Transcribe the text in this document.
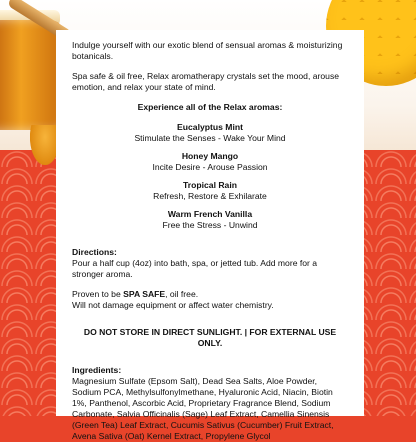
Indulge yourself with our exotic blend of sensual aromas & moisturizing botanicals.

Spa safe & oil free, Relax aromatherapy crystals set the mood, arouse emotion, and relax your state of mind.

Experience all of the Relax aromas:

Eucalyptus Mint

Stimulate the Senses - Wake Your Mind

Honey Mango

Incite Desire - Arouse Passion

Tropical Rain

Refresh, Restore & Exhilarate

Warm French Vanilla

Free the Stress - Unwind

Directions:

Pour a half cup (4oz) into bath, spa, or jetted tub. Add more for a stronger aroma.

Proven to be SPA SAFE, oil free.

Will not damage equipment or affect water chemistry.

DO NOT STORE IN DIRECT SUNLIGHT. | FOR EXTERNAL USE ONLY.

Ingredients:

Magnesium Sulfate (Epsom Salt), Dead Sea Salts, Aloe Powder, Sodium PCA, Methylsulfonylmethane, Hyaluronic Acid, Niacin, Biotin 1%, Panthenol, Ascorbic Acid, Proprietary Fragrance Blend, Sodium Carbonate, Salvia Officinalis (Sage) Leaf Extract, Camellia Sinensis (Green Tea) Leaf Extract, Cucumis Sativus (Cucumber) Fruit Extract, Avena Sativa (Oat) Kernel Extract, Propylene Glycol
